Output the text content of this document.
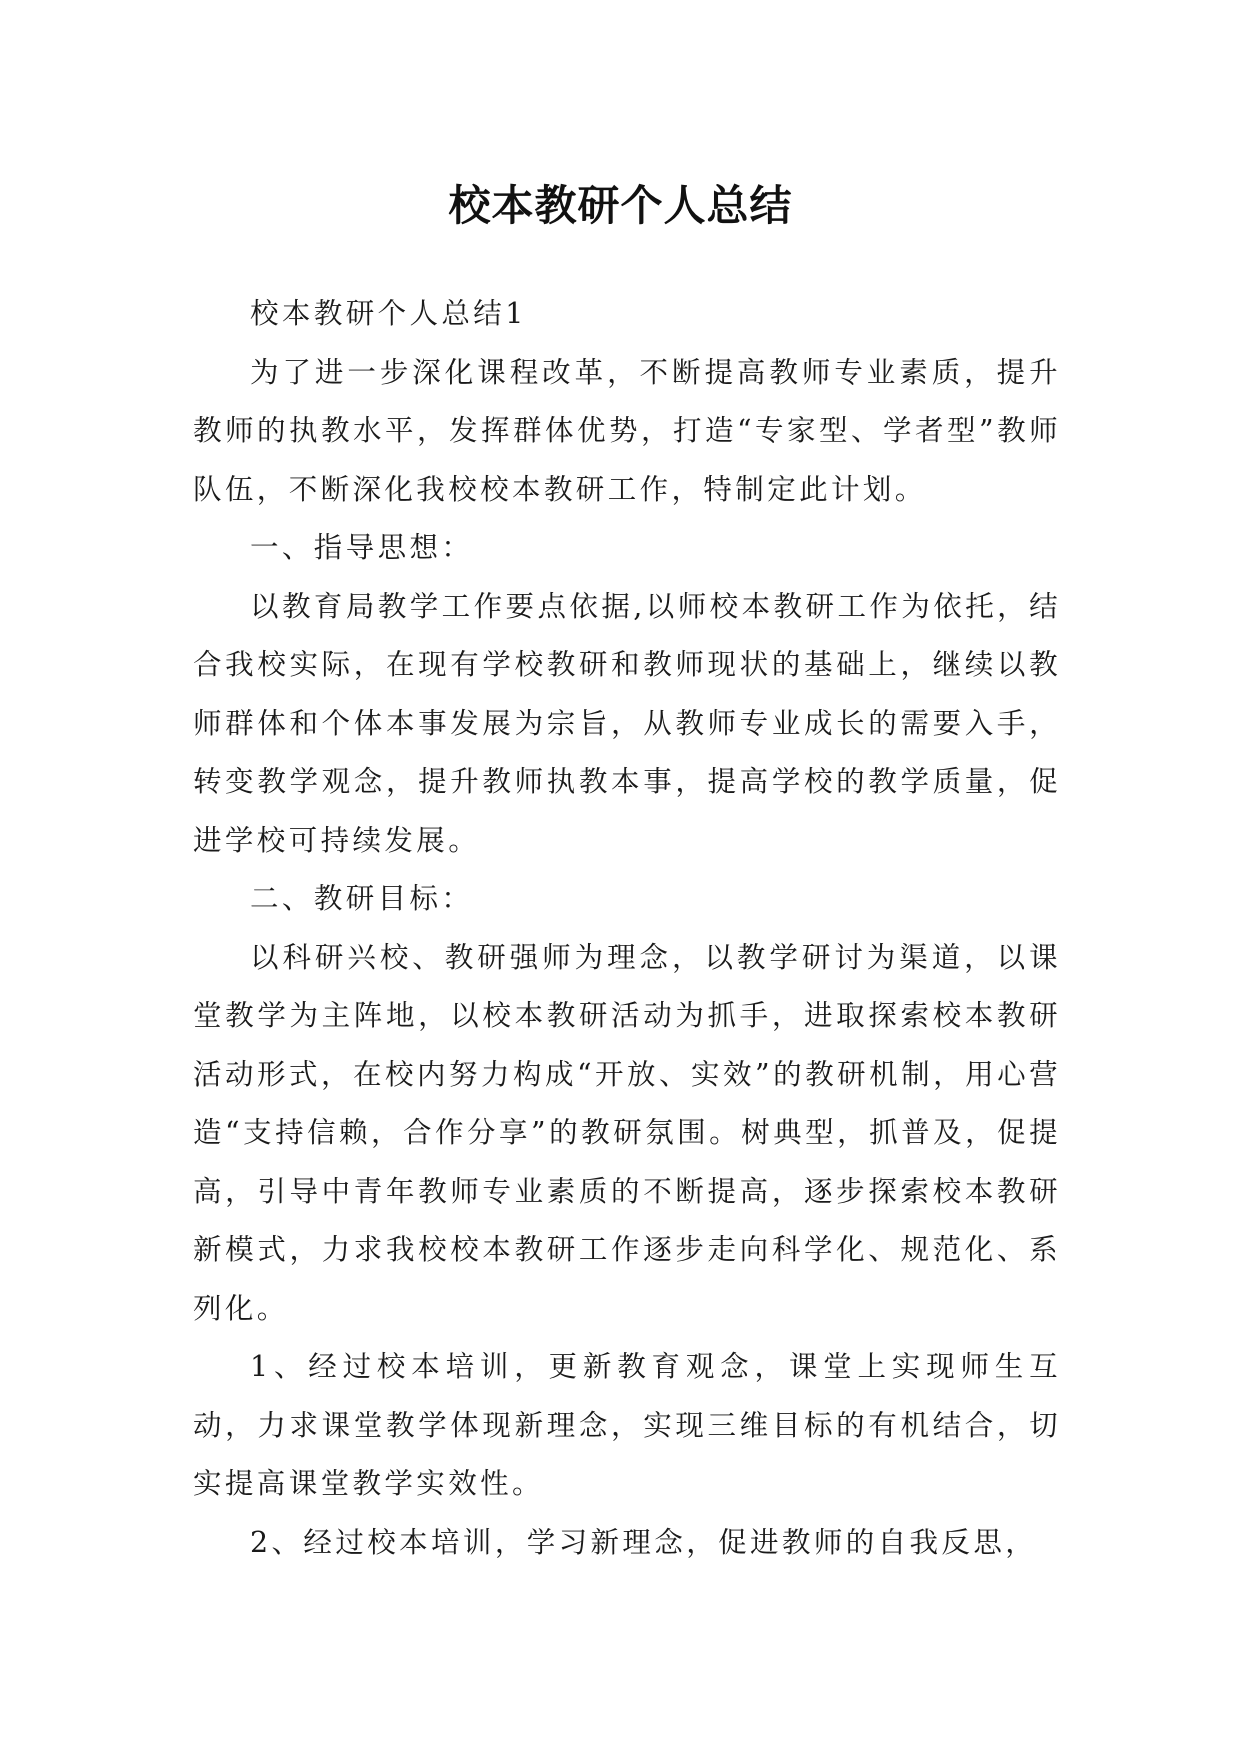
校本教研个人总结

校本教研个人总结1

为了进一步深化课程改革，不断提高教师专业素质，提升教师的执教水平，发挥群体优势，打造“专家型、学者型”教师队伍，不断深化我校校本教研工作，特制定此计划。

一、指导思想：

以教育局教学工作要点依据,以师校本教研工作为依托，结合我校实际，在现有学校教研和教师现状的基础上，继续以教师群体和个体本事发展为宗旨，从教师专业成长的需要入手，转变教学观念，提升教师执教本事，提高学校的教学质量，促进学校可持续发展。

二、教研目标：

以科研兴校、教研强师为理念，以教学研讨为渠道，以课堂教学为主阵地，以校本教研活动为抓手，进取探索校本教研活动形式，在校内努力构成“开放、实效”的教研机制，用心营造“支持信赖，合作分享”的教研氛围。树典型，抓普及，促提高，引导中青年教师专业素质的不断提高，逐步探索校本教研新模式，力求我校校本教研工作逐步走向科学化、规范化、系列化。

1、经过校本培训，更新教育观念，课堂上实现师生互动，力求课堂教学体现新理念，实现三维目标的有机结合，切实提高课堂教学实效性。

2、经过校本培训，学习新理念，促进教师的自我反思，
